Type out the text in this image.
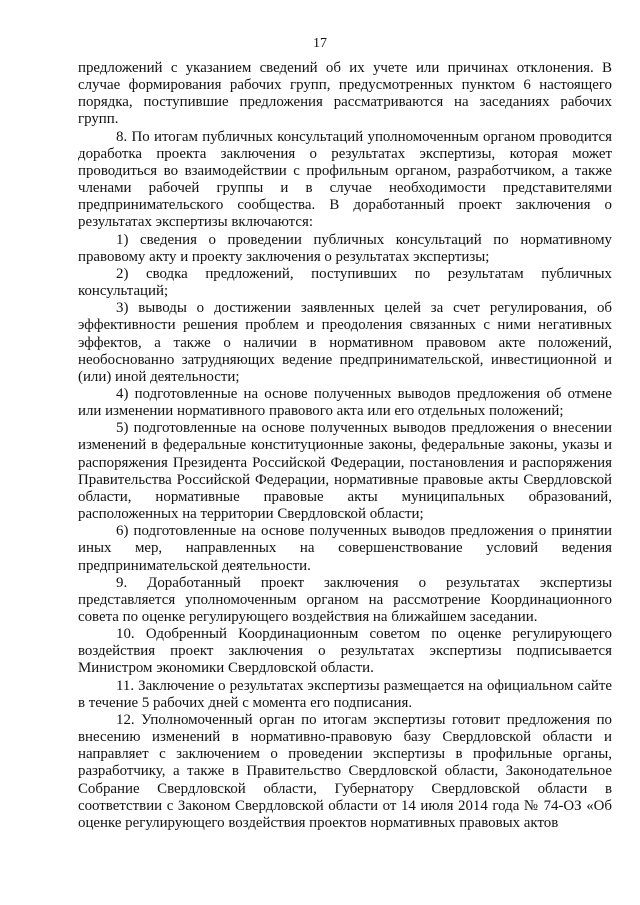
17

предложений с указанием сведений об их учете или причинах отклонения. В случае формирования рабочих групп, предусмотренных пунктом 6 настоящего порядка, поступившие предложения рассматриваются на заседаниях рабочих групп.

8. По итогам публичных консультаций уполномоченным органом проводится доработка проекта заключения о результатах экспертизы, которая может проводиться во взаимодействии с профильным органом, разработчиком, а также членами рабочей группы и в случае необходимости представителями предпринимательского сообщества. В доработанный проект заключения о результатах экспертизы включаются:

1) сведения о проведении публичных консультаций по нормативному правовому акту и проекту заключения о результатах экспертизы;

2) сводка предложений, поступивших по результатам публичных консультаций;

3) выводы о достижении заявленных целей за счет регулирования, об эффективности решения проблем и преодоления связанных с ними негативных эффектов, а также о наличии в нормативном правовом акте положений, необоснованно затрудняющих ведение предпринимательской, инвестиционной и (или) иной деятельности;

4) подготовленные на основе полученных выводов предложения об отмене или изменении нормативного правового акта или его отдельных положений;

5) подготовленные на основе полученных выводов предложения о внесении изменений в федеральные конституционные законы, федеральные законы, указы и распоряжения Президента Российской Федерации, постановления и распоряжения Правительства Российской Федерации, нормативные правовые акты Свердловской области, нормативные правовые акты муниципальных образований, расположенных на территории Свердловской области;

6) подготовленные на основе полученных выводов предложения о принятии иных мер, направленных на совершенствование условий ведения предпринимательской деятельности.

9. Доработанный проект заключения о результатах экспертизы представляется уполномоченным органом на рассмотрение Координационного совета по оценке регулирующего воздействия на ближайшем заседании.

10. Одобренный Координационным советом по оценке регулирующего воздействия проект заключения о результатах экспертизы подписывается Министром экономики Свердловской области.

11. Заключение о результатах экспертизы размещается на официальном сайте в течение 5 рабочих дней с момента его подписания.

12. Уполномоченный орган по итогам экспертизы готовит предложения по внесению изменений в нормативно-правовую базу Свердловской области и направляет с заключением о проведении экспертизы в профильные органы, разработчику, а также в Правительство Свердловской области, Законодательное Собрание Свердловской области, Губернатору Свердловской области в соответствии с Законом Свердловской области от 14 июля 2014 года № 74-ОЗ «Об оценке регулирующего воздействия проектов нормативных правовых актов
